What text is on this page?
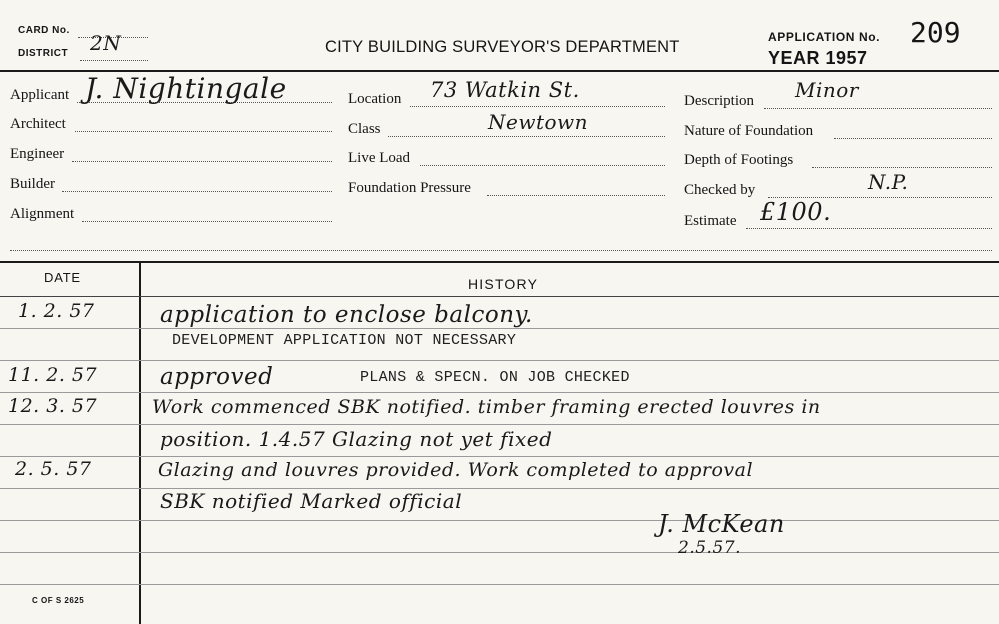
CARD No.
DISTRICT 2N	CITY BUILDING SURVEYOR'S DEPARTMENT
APPLICATION No. 209
YEAR 1957
Applicant J. Nightingale
Architect
Engineer
Builder
Alignment
Location 73 Watkin St.
Class	Newtown
Live Load
Foundation Pressure
Description Minor
Nature of Foundation
Depth of Footings
Checked by	N.P.
Estimate £100.
DATE	HISTORY
1. 2. 57	application to enclose balcony.
DEVELOPMENT APPLICATION NOT NECESSARY
11. 2. 57	approved	PLANS & SPECN. ON JOB CHECKED
12. 3. 57	Work commenced SBK notified. timber framing erected louvres in
position. 1.4.57 Glazing not yet fixed
2. 5. 57	Glazing and louvres provided. Work completed to approval
SBK notified Marked official
J. McKean
2.5.57.
C OF S 2625
